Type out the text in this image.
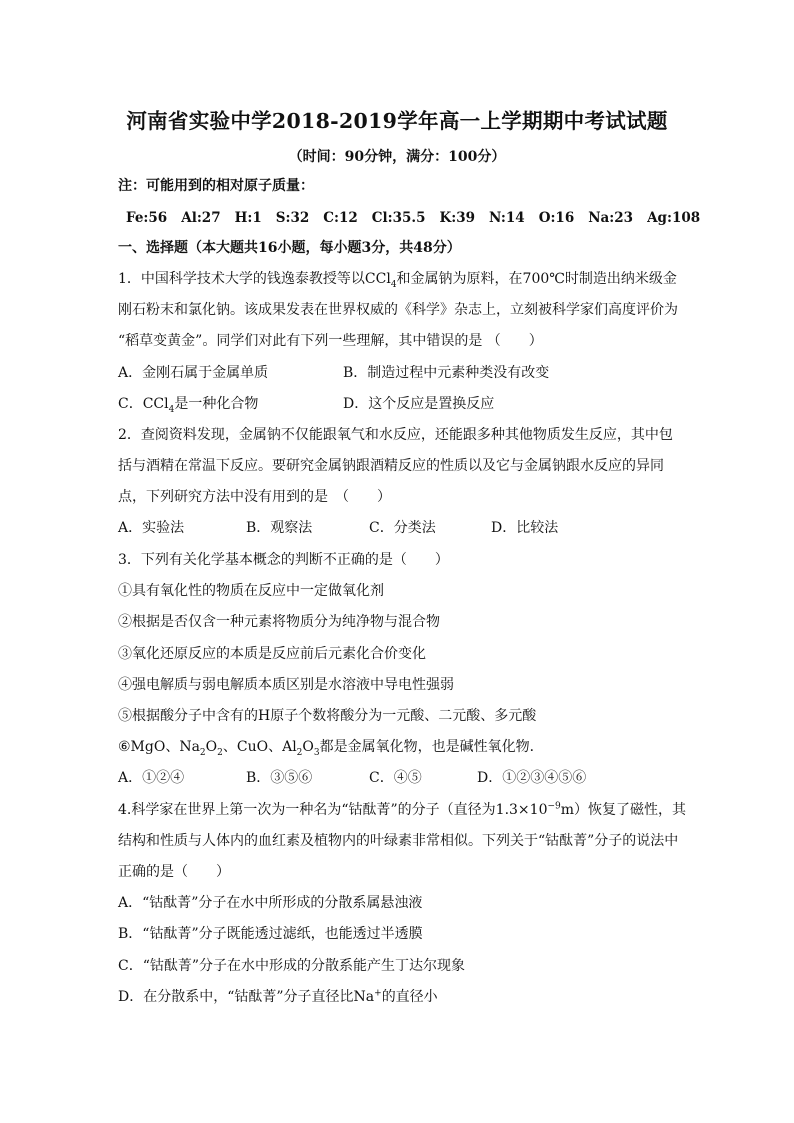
河南省实验中学2018-2019学年高一上学期期中考试试题
（时间：90分钟，满分：100分）
注：可能用到的相对原子质量：
Fe:56 Al:27 H:1 S:32 C:12 Cl:35.5 K:39 N:14 O:16 Na:23 Ag:108
一、选择题（本大题共16小题，每小题3分，共48分）
1．中国科学技术大学的钱逸泰教授等以CCl$_4$和金属钠为原料，在700℃时制造出纳米级金
刚石粉末和氯化钠。该成果发表在世界权威的《科学》杂志上，立刻被科学家们高度评价为
“稻草变黄金”。同学们对此有下列一些理解，其中错误的是 （　　）
A．金刚石属于金属单质	B．制造过程中元素种类没有改变
C．CCl$_4$是一种化合物	D．这个反应是置换反应
2．查阅资料发现，金属钠不仅能跟氧气和水反应，还能跟多种其他物质发生反应，其中包
括与酒精在常温下反应。要研究金属钠跟酒精反应的性质以及它与金属钠跟水反应的异同
点，下列研究方法中没有用到的是　（　　）
A．实验法	B．观察法	C．分类法	D．比较法
3．下列有关化学基本概念的判断不正确的是（　　）
①具有氧化性的物质在反应中一定做氧化剂
②根据是否仅含一种元素将物质分为纯净物与混合物
③氧化还原反应的本质是反应前后元素化合价变化
④强电解质与弱电解质本质区别是水溶液中导电性强弱
⑤根据酸分子中含有的H原子个数将酸分为一元酸、二元酸、多元酸
⑥MgO、$Na_2O_2$、CuO、$Al_2O_3$都是金属氧化物，也是碱性氧化物．
A．①②④	B．③⑤⑥	C．④⑤	D．①②③④⑤⑥
4.科学家在世界上第一次为一种名为“钴酞菁”的分子（直径为$1.3\times 10^{-9}m$）恢复了磁性，其
结构和性质与人体内的血红素及植物内的叶绿素非常相似。下列关于“钴酞菁”分子的说法中
正确的是（　　）
A．“钴酞菁”分子在水中所形成的分散系属悬浊液
B．“钴酞菁”分子既能透过滤纸，也能透过半透膜
C．“钴酞菁”分子在水中形成的分散系能产生丁达尔现象
D．在分散系中，“钴酞菁”分子直径比Na+的直径小
